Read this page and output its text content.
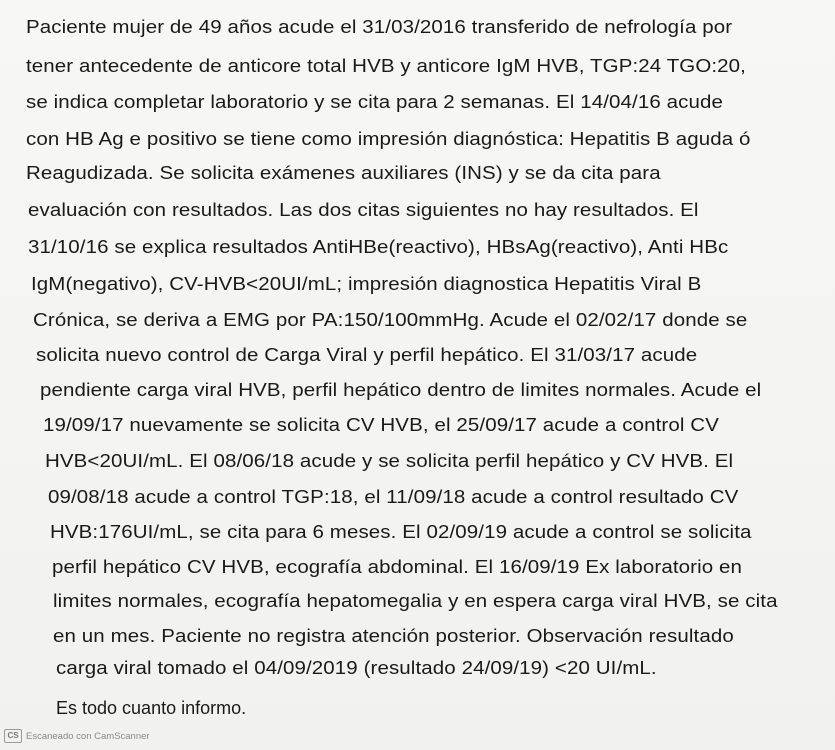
Paciente mujer de 49 años acude el 31/03/2016 transferido de nefrología por
tener antecedente de anticore total HVB y anticore IgM HVB, TGP:24 TGO:20,
se indica completar laboratorio y se cita para 2 semanas. El 14/04/16 acude
con HB Ag e positivo se tiene como impresión diagnóstica: Hepatitis B aguda ó
Reagudizada. Se solicita exámenes auxiliares (INS) y se da cita para
evaluación con resultados. Las dos citas siguientes no hay resultados. El
31/10/16 se explica resultados AntiHBe(reactivo), HBsAg(reactivo), Anti HBc
IgM(negativo), CV-HVB<20UI/mL; impresión diagnostica Hepatitis Viral B
Crónica, se deriva a EMG por PA:150/100mmHg. Acude el 02/02/17 donde se
solicita nuevo control de Carga Viral y perfil hepático. El 31/03/17 acude
pendiente carga viral HVB, perfil hepático dentro de limites normales. Acude el
19/09/17 nuevamente se solicita CV HVB, el 25/09/17 acude a control CV
HVB<20UI/mL. El 08/06/18 acude y se solicita perfil hepático y CV HVB. El
09/08/18 acude a control TGP:18, el 11/09/18 acude a control resultado CV
HVB:176UI/mL, se cita para 6 meses. El 02/09/19 acude a control se solicita
perfil hepático CV HVB, ecografía abdominal. El 16/09/19 Ex laboratorio en
limites normales, ecografía hepatomegalia y en espera carga viral HVB, se cita
en un mes. Paciente no registra atención posterior. Observación resultado
carga viral tomado el 04/09/2019 (resultado 24/09/19) <20 UI/mL.
Es todo cuanto informo.
CS Escaneado con CamScanner
